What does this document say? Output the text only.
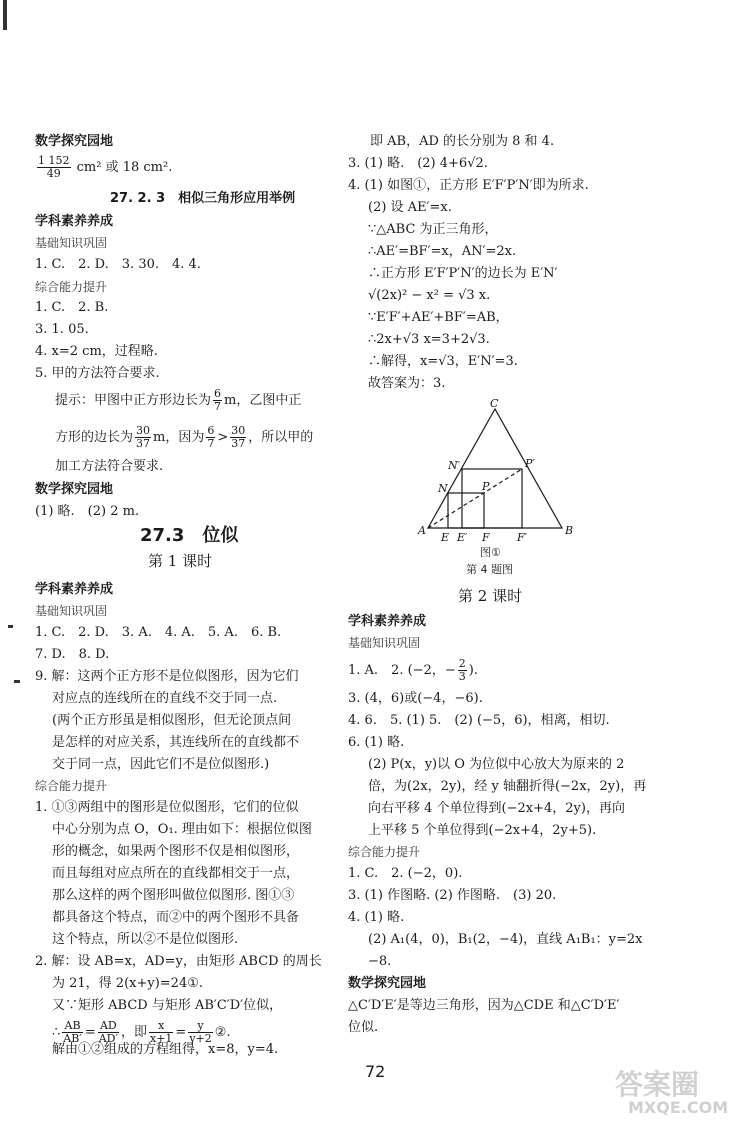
数学探究园地
$\frac{1 152}{49} cm^2$ 或 18 cm².
27. 2. 3　相似三角形应用举例
学科素养养成
基础知识巩固
1. C.　2. D.　3. 30.　4. 4.
综合能力提升
1. C.　2. B.
3. 1. 05.
4. x=2 cm，过程略.
5. 甲的方法符合要求.
提示：甲图中正方形边长为 $\frac{6}{7}$ m，乙图中正
方形的边长为 $\frac{30}{37}$ m，因为 $\frac{6}{7} > \frac{30}{37}$ ，所以甲的
加工方法符合要求.
数学探究园地
(1) 略.　(2) 2 m.
27.3　位似
第 1 课时
学科素养养成
基础知识巩固
1. C.　2. D.　3. A.　4. A.　5. A.　6. B.
7. D.　8. D.
9. 解：这两个正方形不是位似图形，因为它们
对应点的连线所在的直线不交于同一点.
(两个正方形虽是相似图形，但无论顶点间
是怎样的对应关系，其连线所在的直线都不
交于同一点，因此它们不是位似图形.)
综合能力提升
1. ①③两组中的图形是位似图形，它们的位似
中心分别为点 O，O₁. 理由如下：根据位似图
形的概念，如果两个图形不仅是相似图形，
而且每组对应点所在的直线都相交于一点，
那么这样的两个图形叫做位似图形. 图①③
都具备这个特点，而②中的两个图形不具备
这个特点，所以②不是位似图形.
2. 解：设 AB=x，AD=y，由矩形 ABCD 的周长
为 21，得 2(x+y)=24①.
又∵矩形 ABCD 与矩形 AB′C′D′位似，
∴ $\frac{AB}{AB'} = \frac{AD}{AD'}$ ，即 $\frac{x}{x+1} = \frac{y}{y+2}$ ②.
解由①②组成的方程组得，x=8，y=4.
即 AB，AD 的长分别为 8 和 4.
3. (1) 略.　(2) 4+6√2.
4. (1) 如图①，正方形 E′F′P′N′即为所求.
(2) 设 AE′=x.
∵△ABC 为正三角形，
∴AE′=BF′=x，AN′=2x.
∴正方形 E′F′P′N′的边长为 E′N′
√(2x)² − x² = √3 x.
∵E′F′+AE′+BF′=AB，
∴2x+√3 x=3+2√3.
∴解得，x=√3，E′N′=3.
故答案为：3.
C
N′	P′
N	P
A	B
E E′ F F′
图①
第 4 题图
第 2 课时
学科素养养成
基础知识巩固
1. A.　2. (−2，− $\frac{2}{3}$ ).
3. (4，6)或(−4，−6).
4. 6.　5. (1) 5.　(2) (−5，6)，相离，相切.
6. (1) 略.
(2) P(x，y)以 O 为位似中心放大为原来的 2
倍，为(2x，2y)，经 y 轴翻折得(−2x，2y)，再
向右平移 4 个单位得到(−2x+4，2y)，再向
上平移 5 个单位得到(−2x+4，2y+5).
综合能力提升
1. C.　2. (−2，0).
3. (1) 作图略. (2) 作图略.　(3) 20.
4. (1) 略.
(2) A₁(4，0)，B₁(2，−4)，直线 A₁B₁：y=2x
−8.
数学探究园地
△C′D′E′是等边三角形，因为△CDE 和△C′D′E′
位似.
72	答案圈
MXQE.COM
